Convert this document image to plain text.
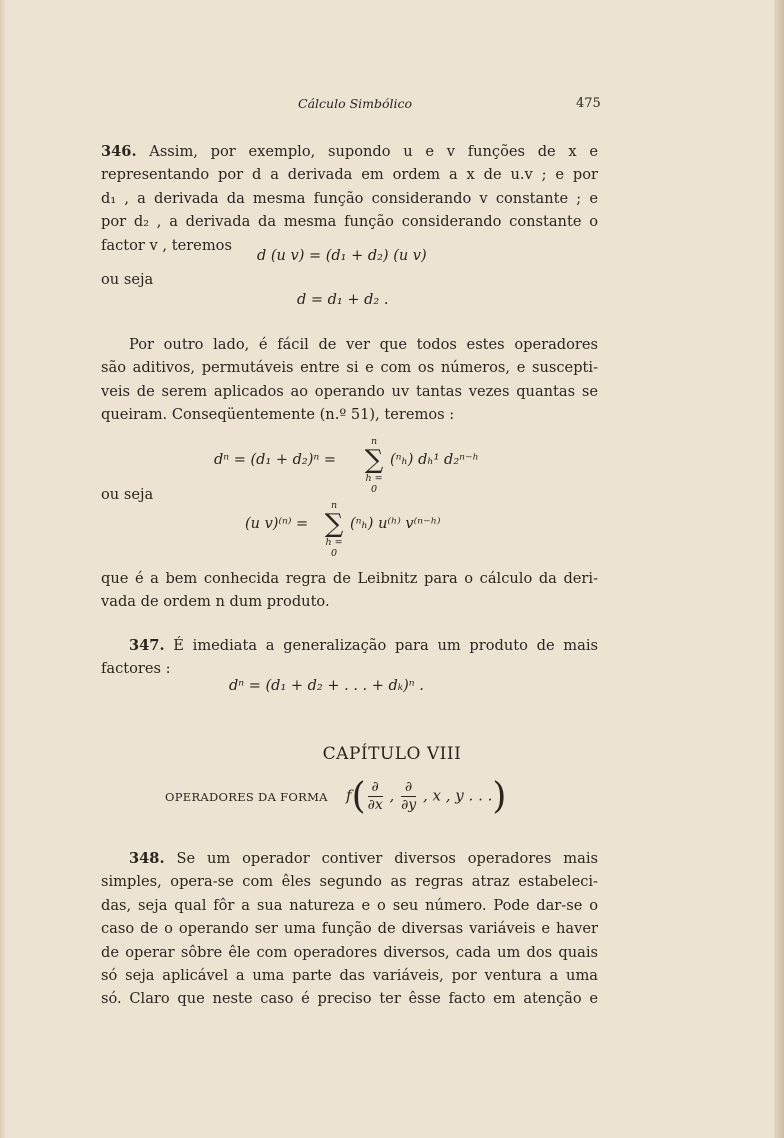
Cálculo Simbólico	475
346. Assim, por exemplo, supondo u e v funções de x e
representando por d a derivada em ordem a x de u.v ; e por
d₁ , a derivada da mesma função considerando v constante ; e
por d₂ , a derivada da mesma função considerando constante o
factor v , teremos
d (u v) = (d₁ + d₂) (u v)
ou seja
d = d₁ + d₂ .
Por outro lado, é fácil de ver que todos estes operadores
são aditivos, permutáveis entre si e com os números, e suscepti-
veis de serem aplicados ao operando uv tantas vezes quantas se
queiram. Conseqüentemente (n.º 51), teremos :
dⁿ = (d₁ + d₂)ⁿ =
n
∑
h = 0
(ⁿₕ) dₕ¹ d₂ⁿ⁻ʰ
ou seja
(u v)⁽ⁿ⁾ =
n
∑
h = 0
(ⁿₕ) u⁽ʰ⁾ v⁽ⁿ⁻ʰ⁾
que é a bem conhecida regra de Leibnitz para o cálculo da deri-
vada de ordem n dum produto.
347. É imediata a generalização para um produto de mais
factores :
dⁿ = (d₁ + d₂ + . . . + dₖ)ⁿ .
CAPÍTULO VIII
OPERADORES DA FORMA $f( \frac{\partial}{\partial x}$ , $\frac{\partial}{\partial y}$ , x , y . . .)
348. Se um operador contiver diversos operadores mais
simples, opera-se com êles segundo as regras atraz estabeleci-
das, seja qual fôr a sua natureza e o seu número. Pode dar-se o
caso de o operando ser uma função de diversas variáveis e haver
de operar sôbre êle com operadores diversos, cada um dos quais
só seja aplicável a uma parte das variáveis, por ventura a uma
só. Claro que neste caso é preciso ter êsse facto em atenção e
